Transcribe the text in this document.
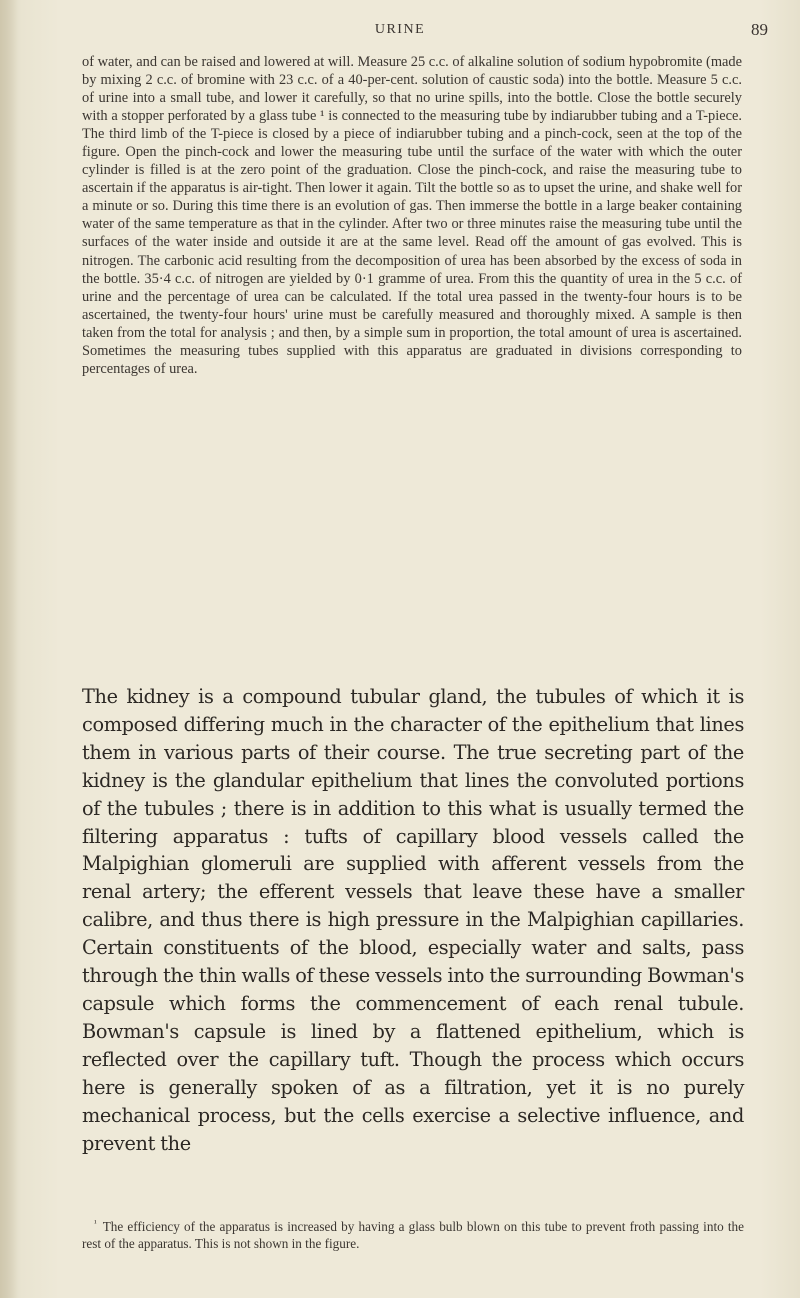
URINE	89

of water, and can be raised and lowered at will. Measure 25 c.c. of alkaline solution of sodium hypobromite (made by mixing 2 c.c. of bromine with 23 c.c. of a 40-per-cent. solution of caustic soda) into the bottle. Measure 5 c.c. of urine into a small tube, and lower it carefully, so that no urine spills, into the bottle. Close the bottle securely with a stopper perforated by a glass tube ¹ is connected to the measuring tube by indiarubber tubing and a T-piece. The third limb of the T-piece is closed by a piece of indiarubber tubing and a pinch-cock, seen at the top of the figure. Open the pinch-cock and lower the measuring tube until the surface of the water with which the outer cylinder is filled is at the zero point of the graduation. Close the pinch-cock, and raise the measuring tube to ascertain if the apparatus is air-tight. Then lower it again. Tilt the bottle so as to upset the urine, and shake well for a minute or so. During this time there is an evolution of gas. Then immerse the bottle in a large beaker containing water of the same temperature as that in the cylinder. After two or three minutes raise the measuring tube until the surfaces of the water inside and outside it are at the same level. Read off the amount of gas evolved. This is nitrogen. The carbonic acid resulting from the decomposition of urea has been absorbed by the excess of soda in the bottle. 35·4 c.c. of nitrogen are yielded by 0·1 gramme of urea. From this the quantity of urea in the 5 c.c. of urine and the percentage of urea can be calculated. If the total urea passed in the twenty-four hours is to be ascertained, the twenty-four hours' urine must be carefully measured and thoroughly mixed. A sample is then taken from the total for analysis ; and then, by a simple sum in proportion, the total amount of urea is ascertained. Sometimes the measuring tubes supplied with this apparatus are graduated in divisions corresponding to percentages of urea.

The kidney is a compound tubular gland, the tubules of which it is composed differing much in the character of the epithelium that lines them in various parts of their course. The true secreting part of the kidney is the glandular epithelium that lines the convoluted portions of the tubules ; there is in addition to this what is usually termed the filtering apparatus : tufts of capillary blood vessels called the Malpighian glomeruli are supplied with afferent vessels from the renal artery; the efferent vessels that leave these have a smaller calibre, and thus there is high pressure in the Malpighian capillaries. Certain constituents of the blood, especially water and salts, pass through the thin walls of these vessels into the surrounding Bowman's capsule which forms the commencement of each renal tubule. Bowman's capsule is lined by a flattened epithelium, which is reflected over the capillary tuft. Though the process which occurs here is generally spoken of as a filtration, yet it is no purely mechanical process, but the cells exercise a selective influence, and prevent the

$^{^1}$ The efficiency of the apparatus is increased by having a glass bulb blown on this tube to prevent froth passing into the rest of the apparatus. This is not shown in the figure.
